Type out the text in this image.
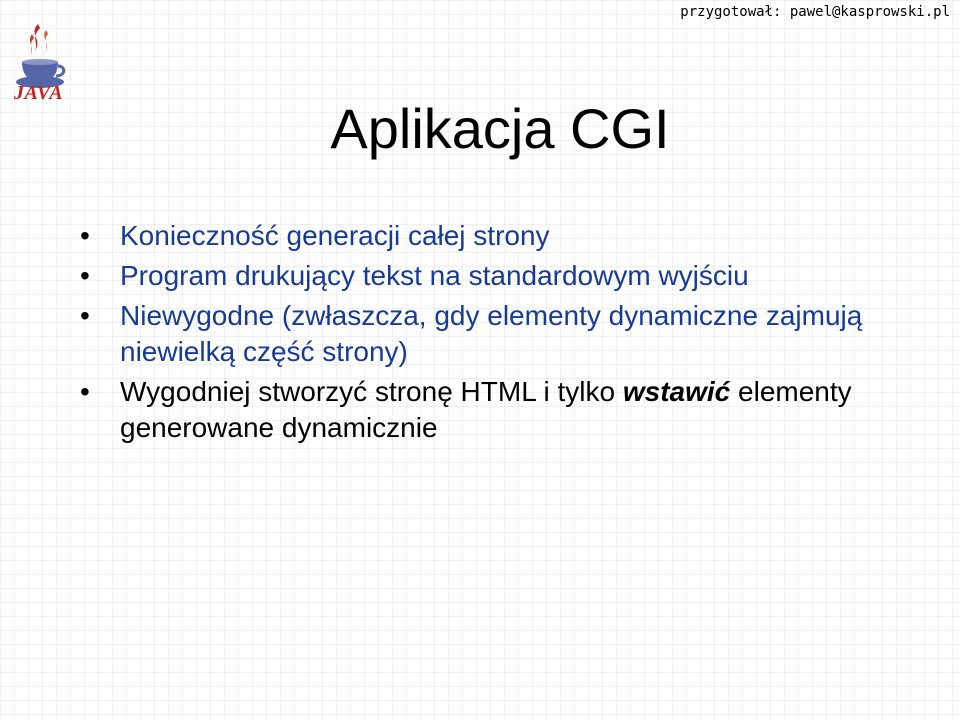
przygotował: pawel@kasprowski.pl
JAVA
Aplikacja CGI
• Konieczność generacji całej strony
• Program drukujący tekst na standardowym wyjściu
• Niewygodne (zwłaszcza, gdy elementy dynamiczne zajmują niewielką część strony)
• Wygodniej stworzyć stronę HTML i tylko wstawić elementy generowane dynamicznie
